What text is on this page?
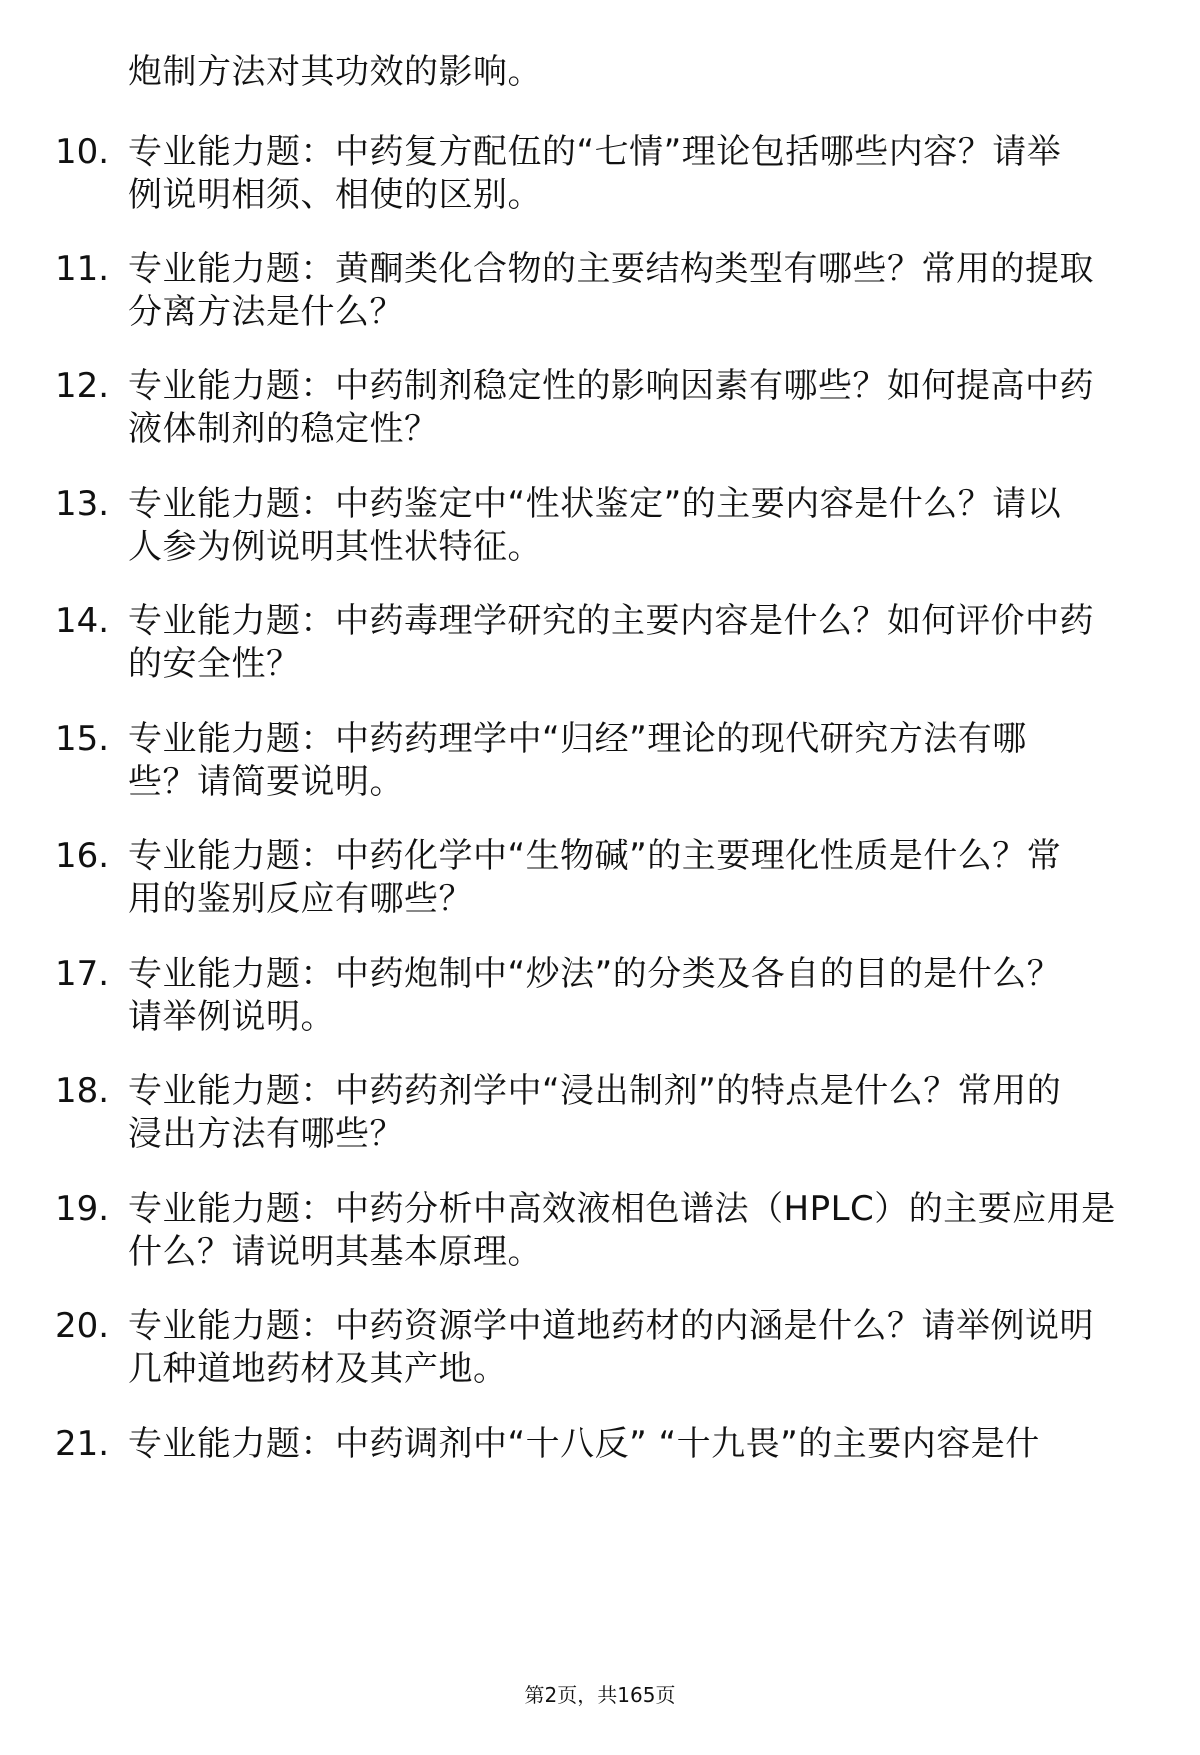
炮制方法对其功效的影响。
10. 专业能力题：中药复方配伍的“七情”理论包括哪些内容？请举
例说明相须、相使的区别。
11. 专业能力题：黄酮类化合物的主要结构类型有哪些？常用的提取
分离方法是什么？
12. 专业能力题：中药制剂稳定性的影响因素有哪些？如何提高中药
液体制剂的稳定性？
13. 专业能力题：中药鉴定中“性状鉴定”的主要内容是什么？请以
人参为例说明其性状特征。
14. 专业能力题：中药毒理学研究的主要内容是什么？如何评价中药
的安全性？
15. 专业能力题：中药药理学中“归经”理论的现代研究方法有哪
些？请简要说明。
16. 专业能力题：中药化学中“生物碱”的主要理化性质是什么？常
用的鉴别反应有哪些？
17. 专业能力题：中药炮制中“炒法”的分类及各自的目的是什么？
请举例说明。
18. 专业能力题：中药药剂学中“浸出制剂”的特点是什么？常用的
浸出方法有哪些？
19. 专业能力题：中药分析中高效液相色谱法（HPLC）的主要应用是
什么？请说明其基本原理。
20. 专业能力题：中药资源学中道地药材的内涵是什么？请举例说明
几种道地药材及其产地。
21. 专业能力题：中药调剂中“十八反” “十九畏”的主要内容是什
第2页，共165页
